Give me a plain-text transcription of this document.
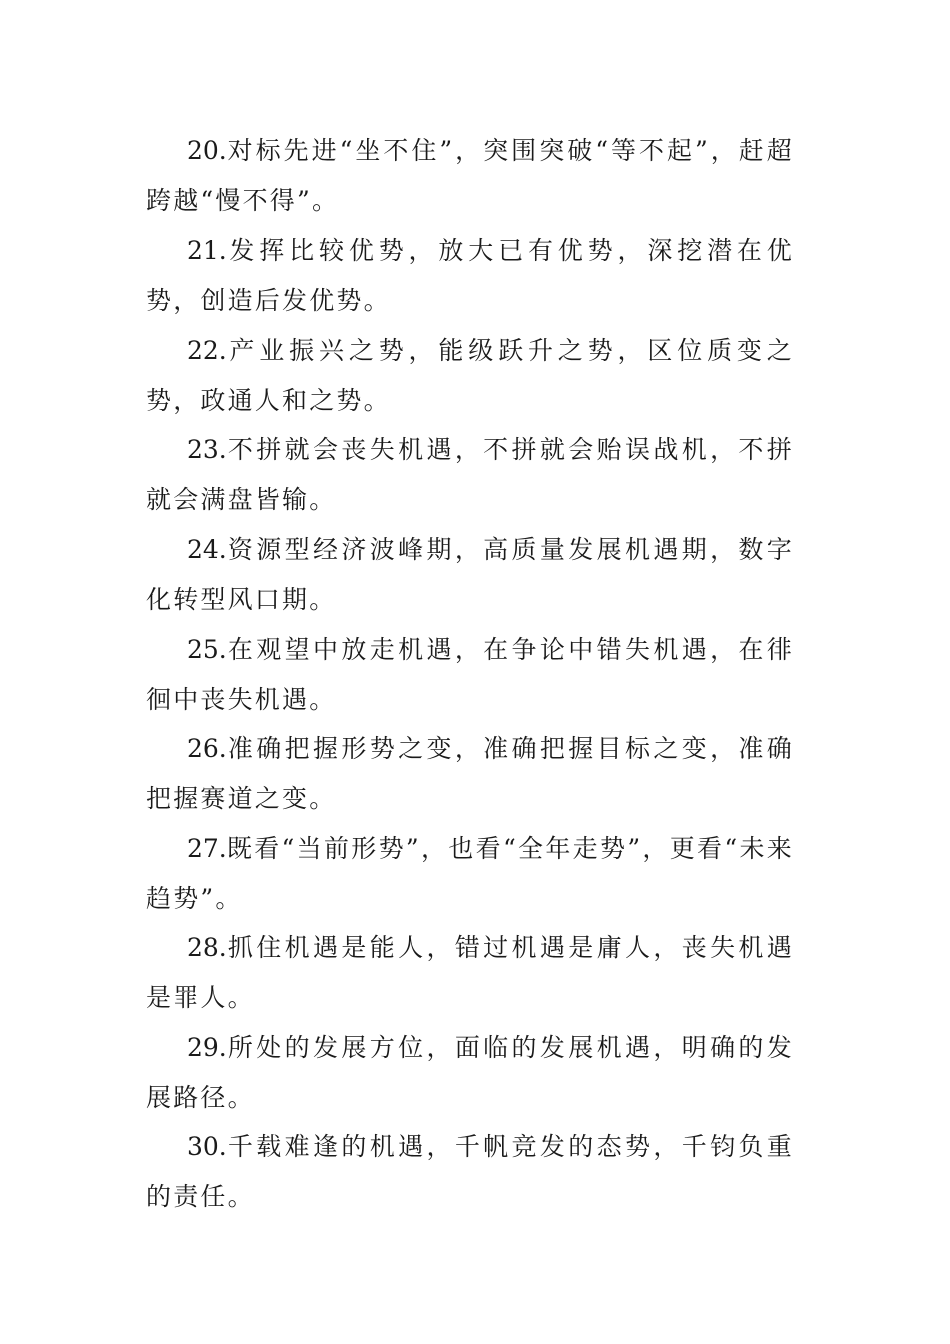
20.对标先进“坐不住”，突围突破“等不起”，赶超跨越“慢不得”。

21.发挥比较优势，放大已有优势，深挖潜在优势，创造后发优势。

22.产业振兴之势，能级跃升之势，区位质变之势，政通人和之势。

23.不拼就会丧失机遇，不拼就会贻误战机，不拼就会满盘皆输。

24.资源型经济波峰期，高质量发展机遇期，数字化转型风口期。

25.在观望中放走机遇，在争论中错失机遇，在徘徊中丧失机遇。

26.准确把握形势之变，准确把握目标之变，准确把握赛道之变。

27.既看“当前形势”，也看“全年走势”，更看“未来趋势”。

28.抓住机遇是能人，错过机遇是庸人，丧失机遇是罪人。

29.所处的发展方位，面临的发展机遇，明确的发展路径。

30.千载难逢的机遇，千帆竞发的态势，千钧负重的责任。
